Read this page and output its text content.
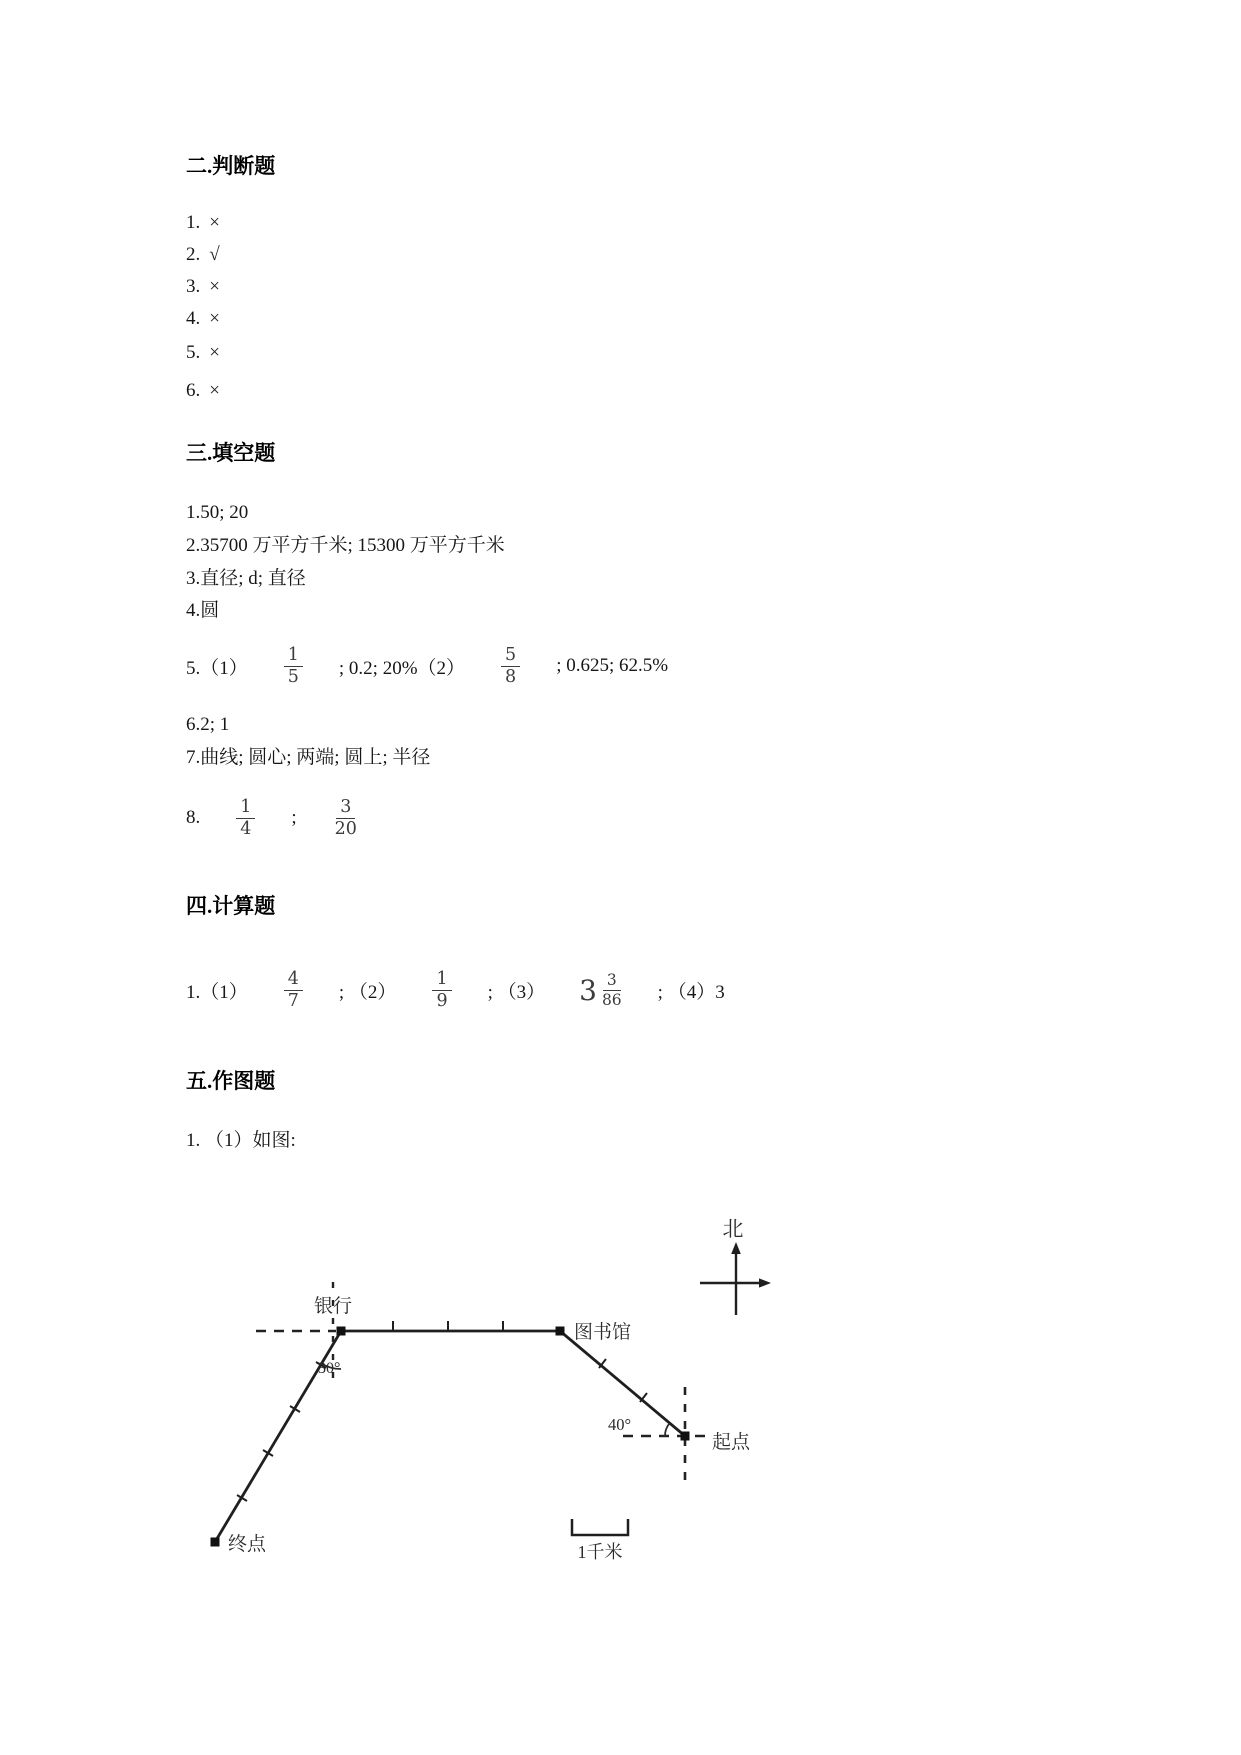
二.判断题
1. ×
2. √
3. ×
4. ×
5. ×
6. ×
三.填空题
1.50; 20
2.35700 万平方千米; 15300 万平方千米
3.直径; d; 直径
4.圆
$5.(1) \frac{1}{5}$ ; 0.2; $20\%(2) \frac{5}{8}$ ; 0.625; 62.5%
6.2; 1
7.曲线; 圆心; 两端; 圆上; 半径
8. $\frac{1}{4}$ ; $\frac{3}{20}$
四.计算题
$1.(1) \frac{4}{7}$ ; $(2) \frac{1}{9}$ ; （3） $3 \frac{3}{86}$ ; （4）3
五.作图题
1. （1）如图:
北
30°
40°
银行
图书馆
起点
终点	1千米
